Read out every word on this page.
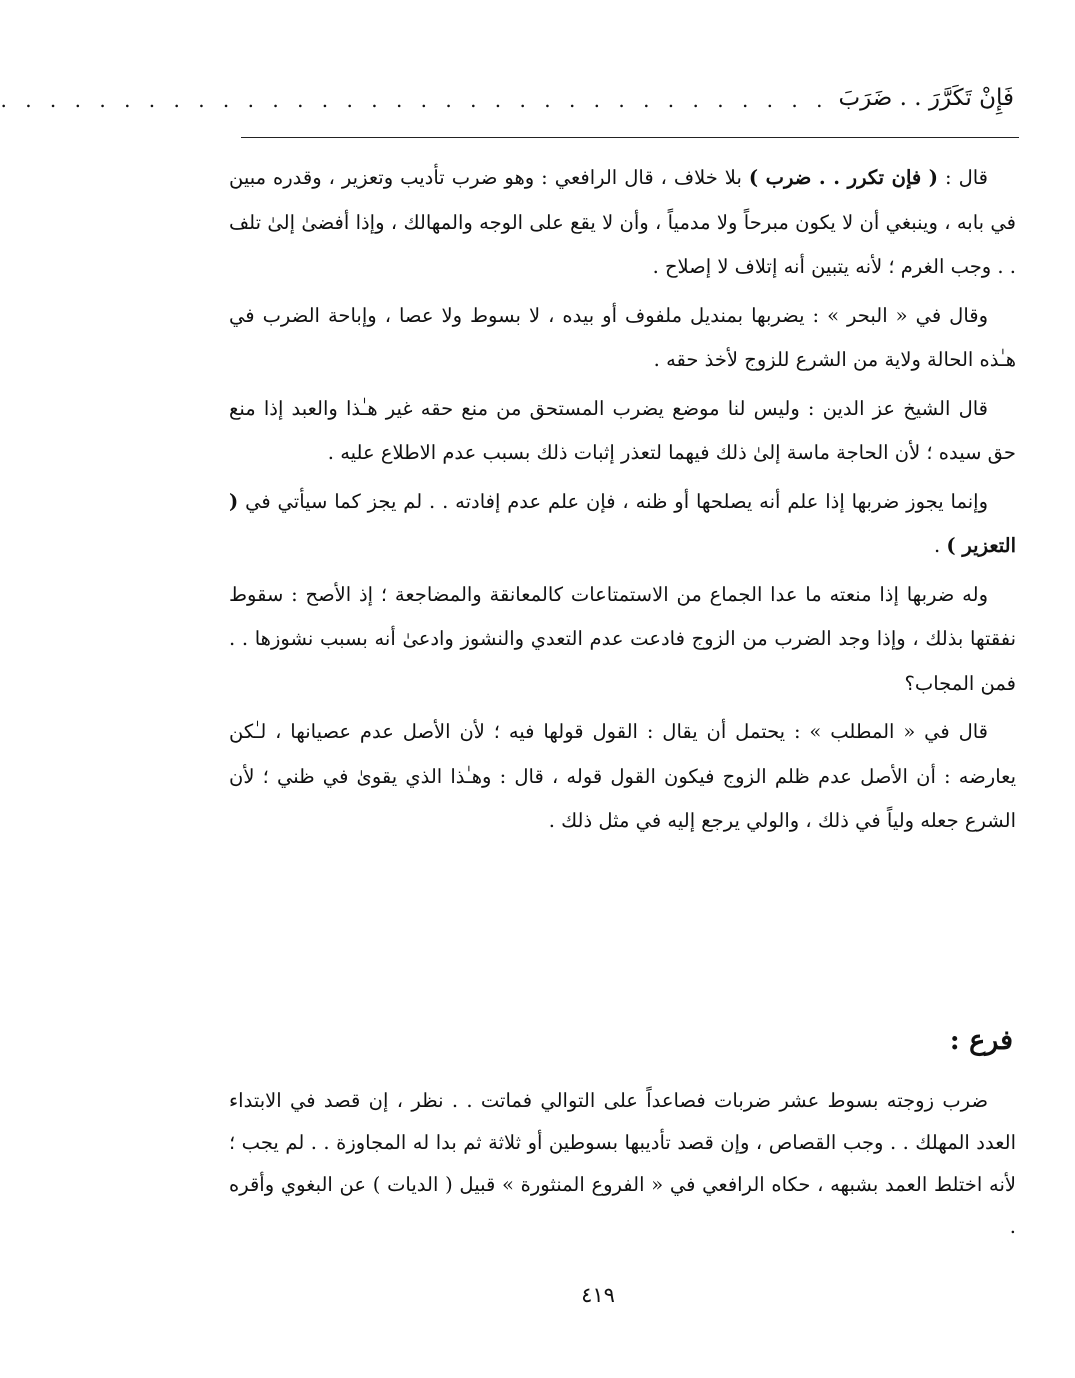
فَإِنْ تَكَرَّرَ . . ضَرَبَ
. . . . . . . . . . . . . . . . . . . . . . . . . . . . . . . . . .

قال : ( فإن تكرر . . ضرب ) بلا خلاف ، قال الرافعي : وهو ضرب تأديب وتعزير ، وقدره مبين في بابه ، وينبغي أن لا يكون مبرحاً ولا مدمياً ، وأن لا يقع على الوجه والمهالك ، وإذا أفضىٰ إلىٰ تلف . . وجب الغرم ؛ لأنه يتبين أنه إتلاف لا إصلاح .

وقال في « البحر » : يضربها بمنديل ملفوف أو بيده ، لا بسوط ولا عصا ، وإباحة الضرب في هـٰذه الحالة ولاية من الشرع للزوج لأخذ حقه .

قال الشيخ عز الدين : وليس لنا موضع يضرب المستحق من منع حقه غير هـٰذا والعبد إذا منع حق سيده ؛ لأن الحاجة ماسة إلىٰ ذلك فيهما لتعذر إثبات ذلك بسبب عدم الاطلاع عليه .

وإنما يجوز ضربها إذا علم أنه يصلحها أو ظنه ، فإن علم عدم إفادته . . لم يجز كما سيأتي في ( التعزير ) .

وله ضربها إذا منعته ما عدا الجماع من الاستمتاعات كالمعانقة والمضاجعة ؛ إذ الأصح : سقوط نفقتها بذلك ، وإذا وجد الضرب من الزوج فادعت عدم التعدي والنشوز وادعىٰ أنه بسبب نشوزها . . فمن المجاب؟

قال في « المطلب » : يحتمل أن يقال : القول قولها فيه ؛ لأن الأصل عدم عصيانها ، لـٰكن يعارضه : أن الأصل عدم ظلم الزوج فيكون القول قوله ، قال : وهـٰذا الذي يقوىٰ في ظني ؛ لأن الشرع جعله ولياً في ذلك ، والولي يرجع إليه في مثل ذلك .

فرع :

ضرب زوجته بسوط عشر ضربات فصاعداً على التوالي فماتت . . نظر ، إن قصد في الابتداء العدد المهلك . . وجب القصاص ، وإن قصد تأديبها بسوطين أو ثلاثة ثم بدا له المجاوزة . . لم يجب ؛ لأنه اختلط العمد بشبهه ، حكاه الرافعي في « الفروع المنثورة » قبيل ( الديات ) عن البغوي وأقره .

٤١٩
